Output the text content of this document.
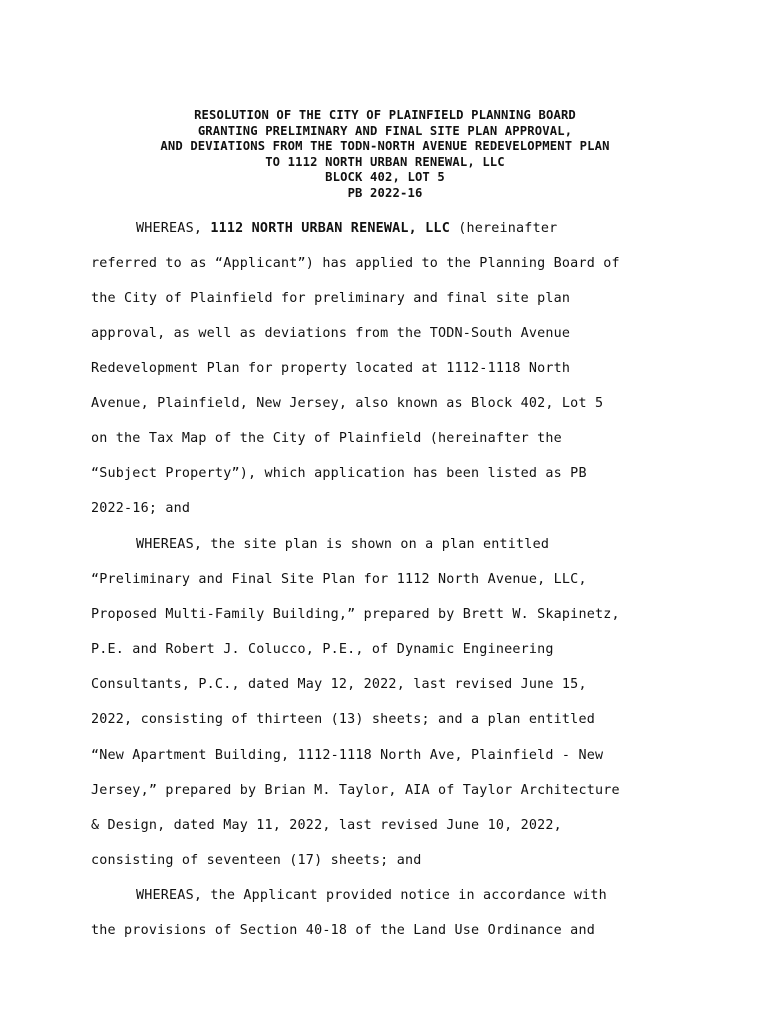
RESOLUTION OF THE CITY OF PLAINFIELD PLANNING BOARD
GRANTING PRELIMINARY AND FINAL SITE PLAN APPROVAL,
AND DEVIATIONS FROM THE TODN-NORTH AVENUE REDEVELOPMENT PLAN
TO 1112 NORTH URBAN RENEWAL, LLC
BLOCK 402, LOT 5
PB 2022-16
WHEREAS, 1112 NORTH URBAN RENEWAL, LLC (hereinafter
referred to as “Applicant”) has applied to the Planning Board of
the City of Plainfield for preliminary and final site plan
approval, as well as deviations from the TODN-South Avenue
Redevelopment Plan for property located at 1112-1118 North
Avenue, Plainfield, New Jersey, also known as Block 402, Lot 5
on the Tax Map of the City of Plainfield (hereinafter the
“Subject Property”), which application has been listed as PB
2022-16; and
WHEREAS, the site plan is shown on a plan entitled
“Preliminary and Final Site Plan for 1112 North Avenue, LLC,
Proposed Multi-Family Building,” prepared by Brett W. Skapinetz,
P.E. and Robert J. Colucco, P.E., of Dynamic Engineering
Consultants, P.C., dated May 12, 2022, last revised June 15,
2022, consisting of thirteen (13) sheets; and a plan entitled
“New Apartment Building, 1112-1118 North Ave, Plainfield - New
Jersey,” prepared by Brian M. Taylor, AIA of Taylor Architecture
& Design, dated May 11, 2022, last revised June 10, 2022,
consisting of seventeen (17) sheets; and
WHEREAS, the Applicant provided notice in accordance with
the provisions of Section 40-18 of the Land Use Ordinance and
